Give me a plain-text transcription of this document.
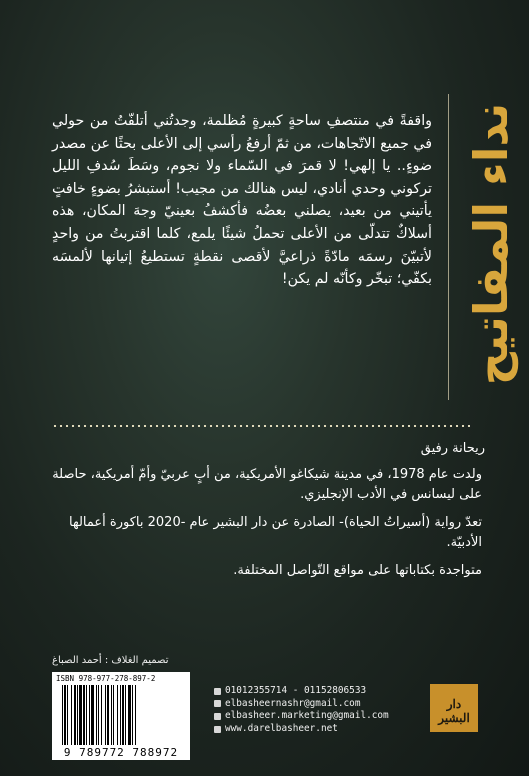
نداء المفاتيح
واقفةً في منتصفِ ساحةٍ كبيرةٍ مُظلمة، وجدتُني أتلفّتُ من حولي في جميع الاتّجاهات، من ثمّ أرفعُ رأسي إلى الأعلى بحثًا عن مصدر ضوءٍ.. يا إلهي! لا قمرَ في السّماء ولا نجوم، وسَطَ سُدفِ الليل تركوني وحدي أنادي، ليس هنالك من مجيب! أستبشرُ بضوءٍ خافتٍ يأتيني من بعيد، يصلني بعضُه فأكشفُ بعينيّ وجهَ المكان، هذه أسلاكٌ تتدلّى من الأعلى تحملُ شيئًا يلمع، كلما اقتربتُ من واحدٍ لأتبيّنَ رسمَه مادّةً ذراعيَّ لأقصى نقطةٍ تستطيعُ إتيانها لألمسَه بكفّي؛ تبخّر وكأنّه لم يكن!
ريحانة رفيق

ولدت عام 1978، في مدينة شيكاغو الأمريكية، من أبٍ عربيّ وأمّ أمريكية، حاصلة على ليسانس في الأدب الإنجليزي.

تعدّ رواية (أسيراتُ الحياة)- الصادرة عن دار البشير عام -2020 باكورة أعمالها الأدبيّة.

متواجدة بكتاباتها على مواقع التّواصل المختلفة.

تصميم الغلاف : أحمد الصباغ
ISBN 978-977-278-897-2
9 789772 788972
01012355714 - 01152806533
elbasheernashr@gmail.com
elbasheer.marketing@gmail.com
www.darelbasheer.net
دار البشير
